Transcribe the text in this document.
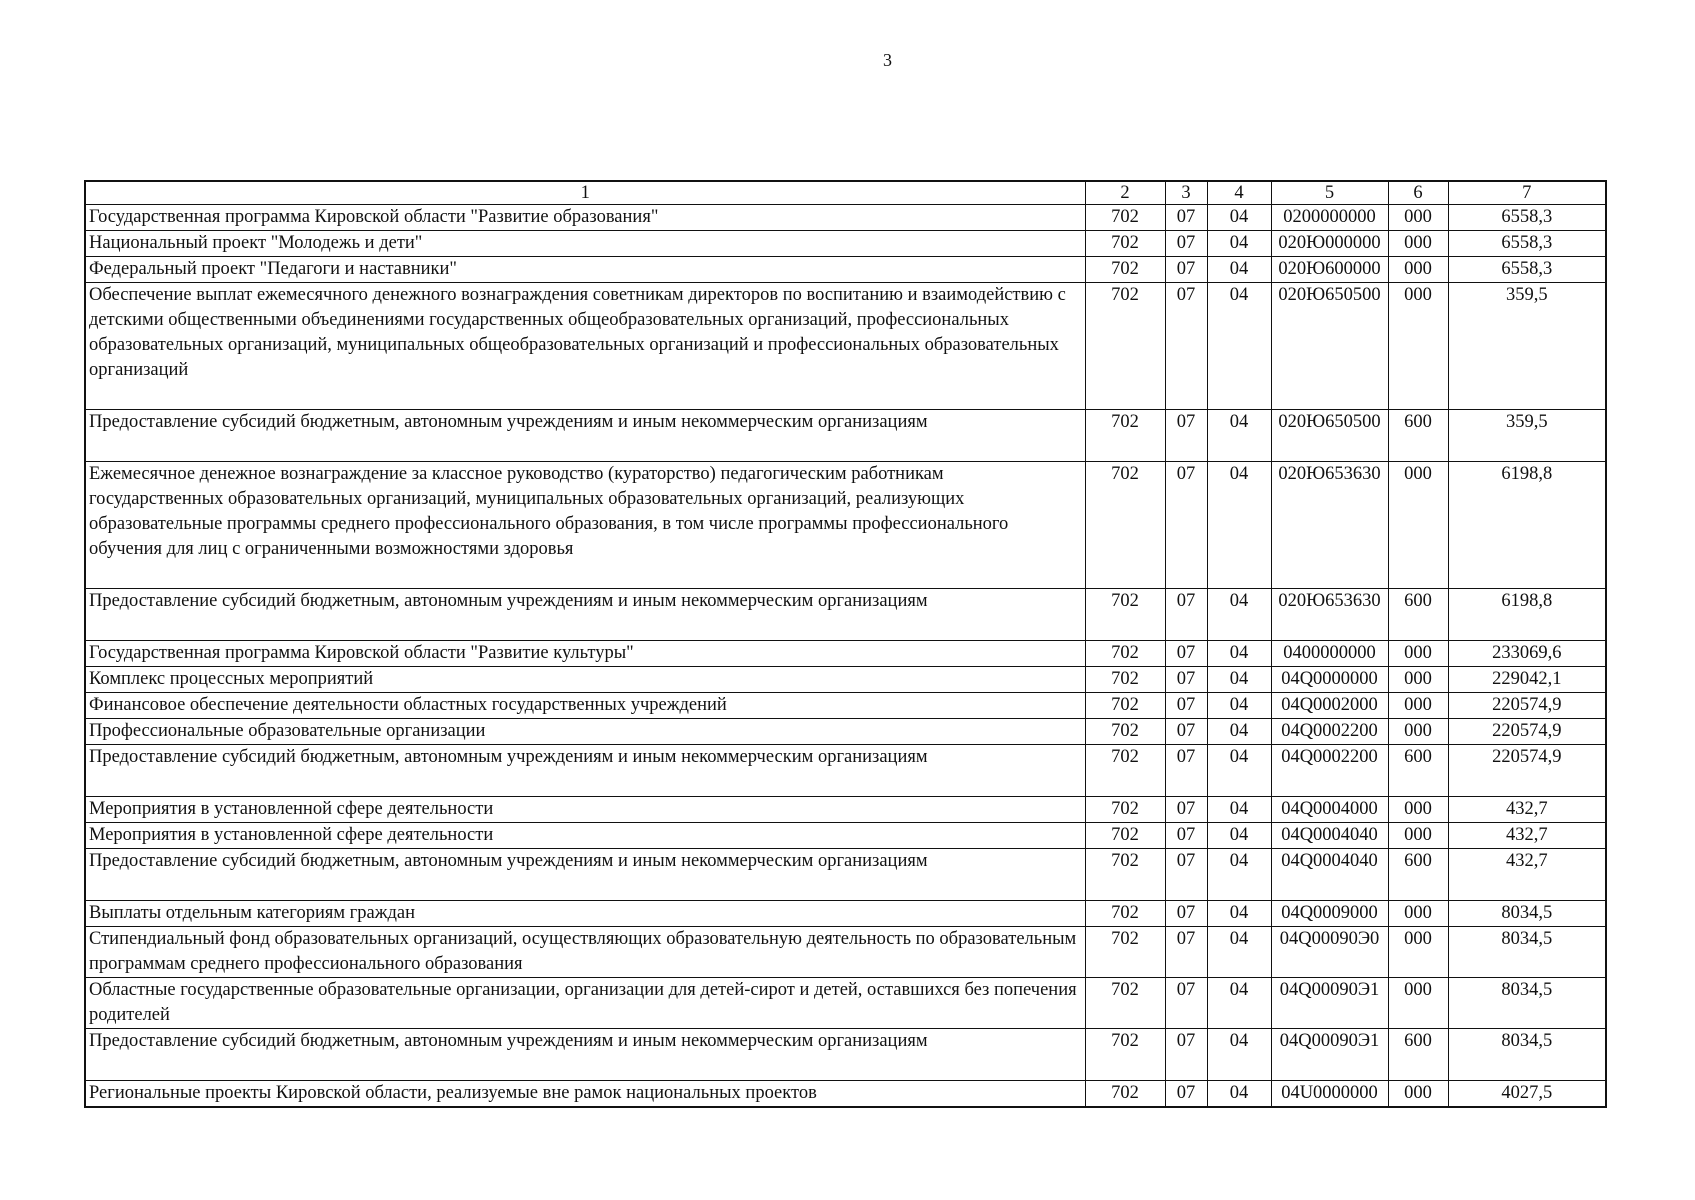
3
1	2	3	4	5	6	7
Государственная программа Кировской области "Развитие образования"	702	07	04	0200000000	000	6558,3
Национальный проект "Молодежь и дети"	702	07	04	020Ю000000	000	6558,3
Федеральный проект "Педагоги и наставники"	702	07	04	020Ю600000	000	6558,3
Обеспечение выплат ежемесячного денежного вознаграждения советникам директоров по воспитанию и взаимодействию с детскими общественными объединениями государственных общеобразовательных организаций, профессиональных образовательных организаций, муниципальных общеобразовательных организаций и профессиональных образовательных организаций	702	07	04	020Ю650500	000	359,5
Предоставление субсидий бюджетным, автономным учреждениям и иным некоммерческим организациям	702	07	04	020Ю650500	600	359,5
Ежемесячное денежное вознаграждение за классное руководство (кураторство) педагогическим работникам государственных образовательных организаций, муниципальных образовательных организаций, реализующих образовательные программы среднего профессионального образования, в том числе программы профессионального обучения для лиц с ограниченными возможностями здоровья	702	07	04	020Ю653630	000	6198,8
Предоставление субсидий бюджетным, автономным учреждениям и иным некоммерческим организациям	702	07	04	020Ю653630	600	6198,8
Государственная программа Кировской области "Развитие культуры"	702	07	04	0400000000	000	233069,6
Комплекс процессных мероприятий	702	07	04	04Q0000000	000	229042,1
Финансовое обеспечение деятельности областных государственных учреждений	702	07	04	04Q0002000	000	220574,9
Профессиональные образовательные организации	702	07	04	04Q0002200	000	220574,9
Предоставление субсидий бюджетным, автономным учреждениям и иным некоммерческим организациям	702	07	04	04Q0002200	600	220574,9
Мероприятия в установленной сфере деятельности	702	07	04	04Q0004000	000	432,7
Мероприятия в установленной сфере деятельности	702	07	04	04Q0004040	000	432,7
Предоставление субсидий бюджетным, автономным учреждениям и иным некоммерческим организациям	702	07	04	04Q0004040	600	432,7
Выплаты отдельным категориям граждан	702	07	04	04Q0009000	000	8034,5
Стипендиальный фонд образовательных организаций, осуществляющих образовательную деятельность по образовательным программам среднего профессионального образования	702	07	04	04Q00090Э0	000	8034,5
Областные государственные образовательные организации, организации для детей-сирот и детей, оставшихся без попечения родителей	702	07	04	04Q00090Э1	000	8034,5
Предоставление субсидий бюджетным, автономным учреждениям и иным некоммерческим организациям	702	07	04	04Q00090Э1	600	8034,5
Региональные проекты Кировской области, реализуемые вне рамок национальных проектов	702	07	04	04U0000000	000	4027,5
